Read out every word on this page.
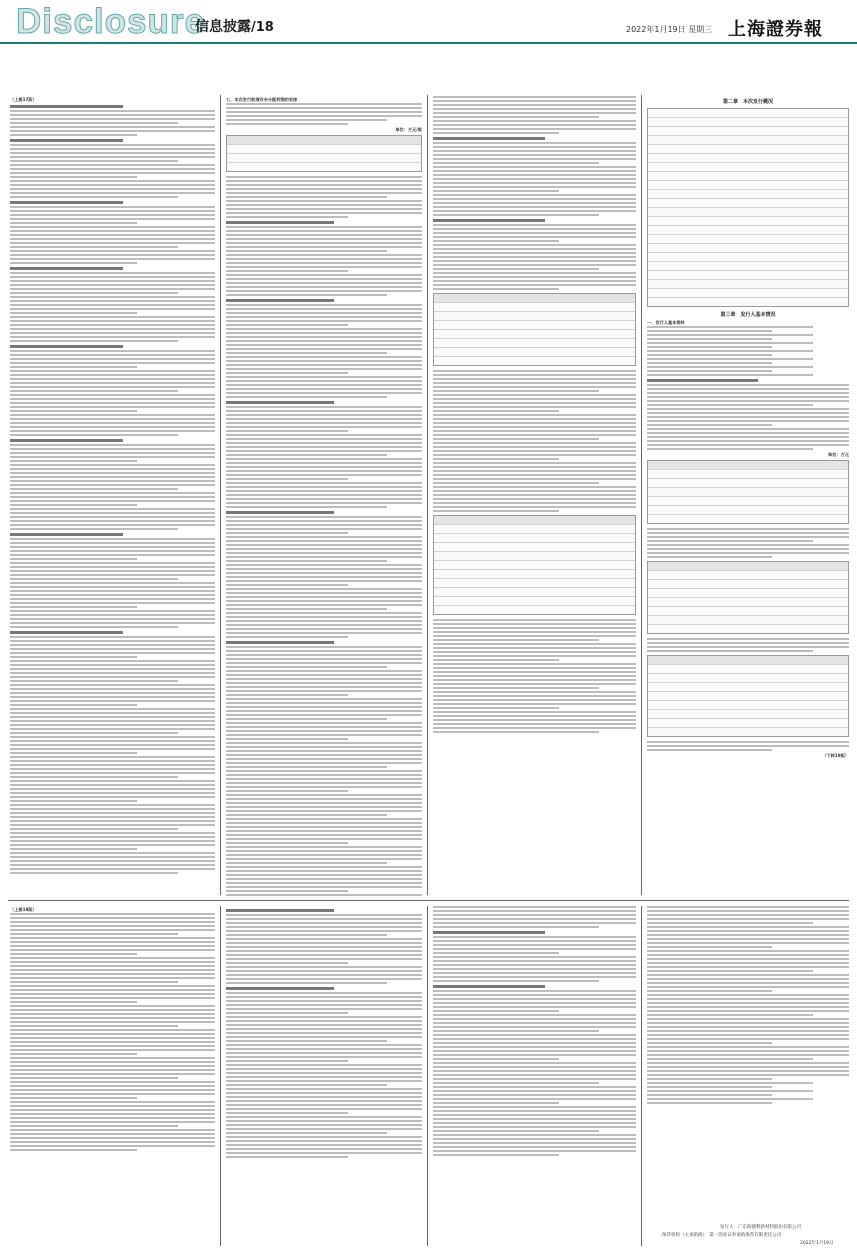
Disclosure
信息披露/18	2022年1月19日 星期三 上海證券報
（上接17版）	七、本次发行前滚存未分配利润的安排
单位：万元/股
第二章　本次发行概况
第三章　发行人基本情况
一、发行人基本资料
单位：万元
（下转19版）
（上接18版）
发行人：广东海德利新材料股份有限公司
保荐机构（主承销商）：第一创业证券承销保荐有限责任公司
2022年1月19日
